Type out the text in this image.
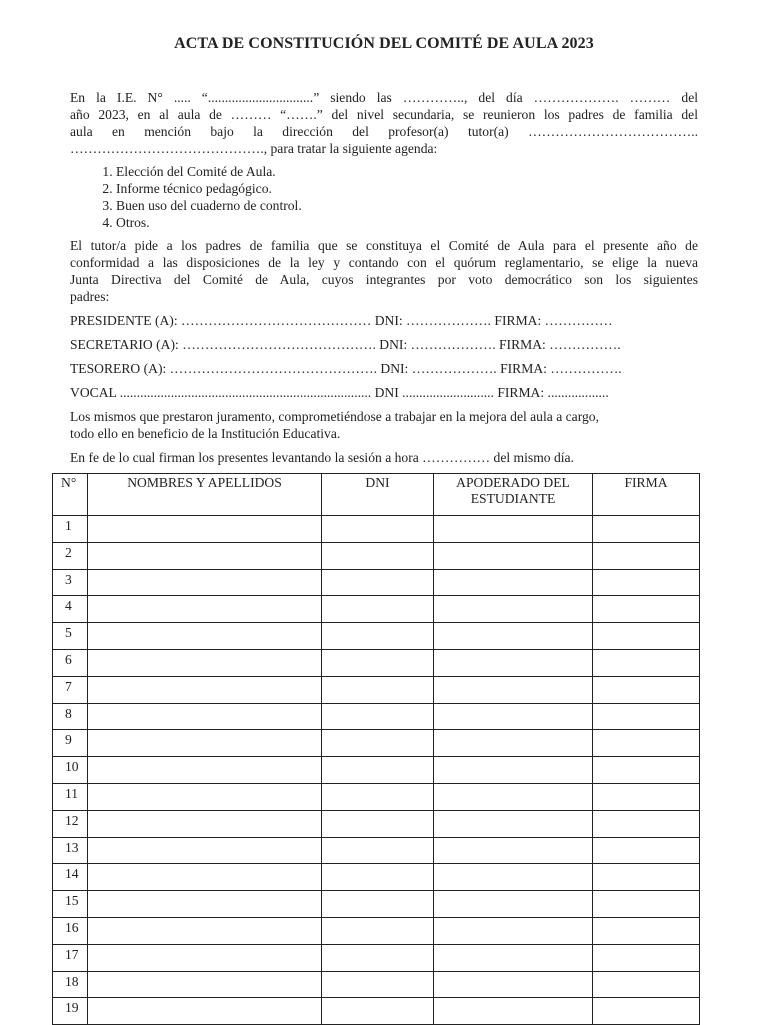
ACTA DE CONSTITUCIÓN DEL COMITÉ DE AULA 2023
En la I.E. N° ..... “...............................” siendo las ………….., del día ………………. ……… del
año 2023, en al aula de ……… “…….” del nivel secundaria, se reunieron los padres de familia del
aula en mención bajo la dirección del profesor(a) tutor(a) ………………………………..
……………………………………., para tratar la siguiente agenda:
1. Elección del Comité de Aula.
2. Informe técnico pedagógico.
3. Buen uso del cuaderno de control.
4. Otros.
El tutor/a pide a los padres de familia que se constituya el Comité de Aula para el presente año de
conformidad a las disposiciones de la ley y contando con el quórum reglamentario, se elige la nueva
Junta Directiva del Comité de Aula, cuyos integrantes por voto democrático son los siguientes
padres:
PRESIDENTE (A): …………………………………… DNI: ………………. FIRMA: ……………
SECRETARIO (A): ……………………………………. DNI: ………………. FIRMA: …………….
TESORERO (A): ………………………………………. DNI: ………………. FIRMA: …………….
VOCAL .......................................................................... DNI ........................... FIRMA: ..................
Los mismos que prestaron juramento, comprometiéndose a trabajar en la mejora del aula a cargo,
todo ello en beneficio de la Institución Educativa.
En fe de lo cual firman los presentes levantando la sesión a hora …………… del mismo día.
N°	NOMBRES Y APELLIDOS	DNI	APODERADO DEL ESTUDIANTE	FIRMA
1				
2				
3				
4				
5				
6				
7				
8				
9				
10				
11				
12				
13				
14				
15				
16				
17				
18				
19				
